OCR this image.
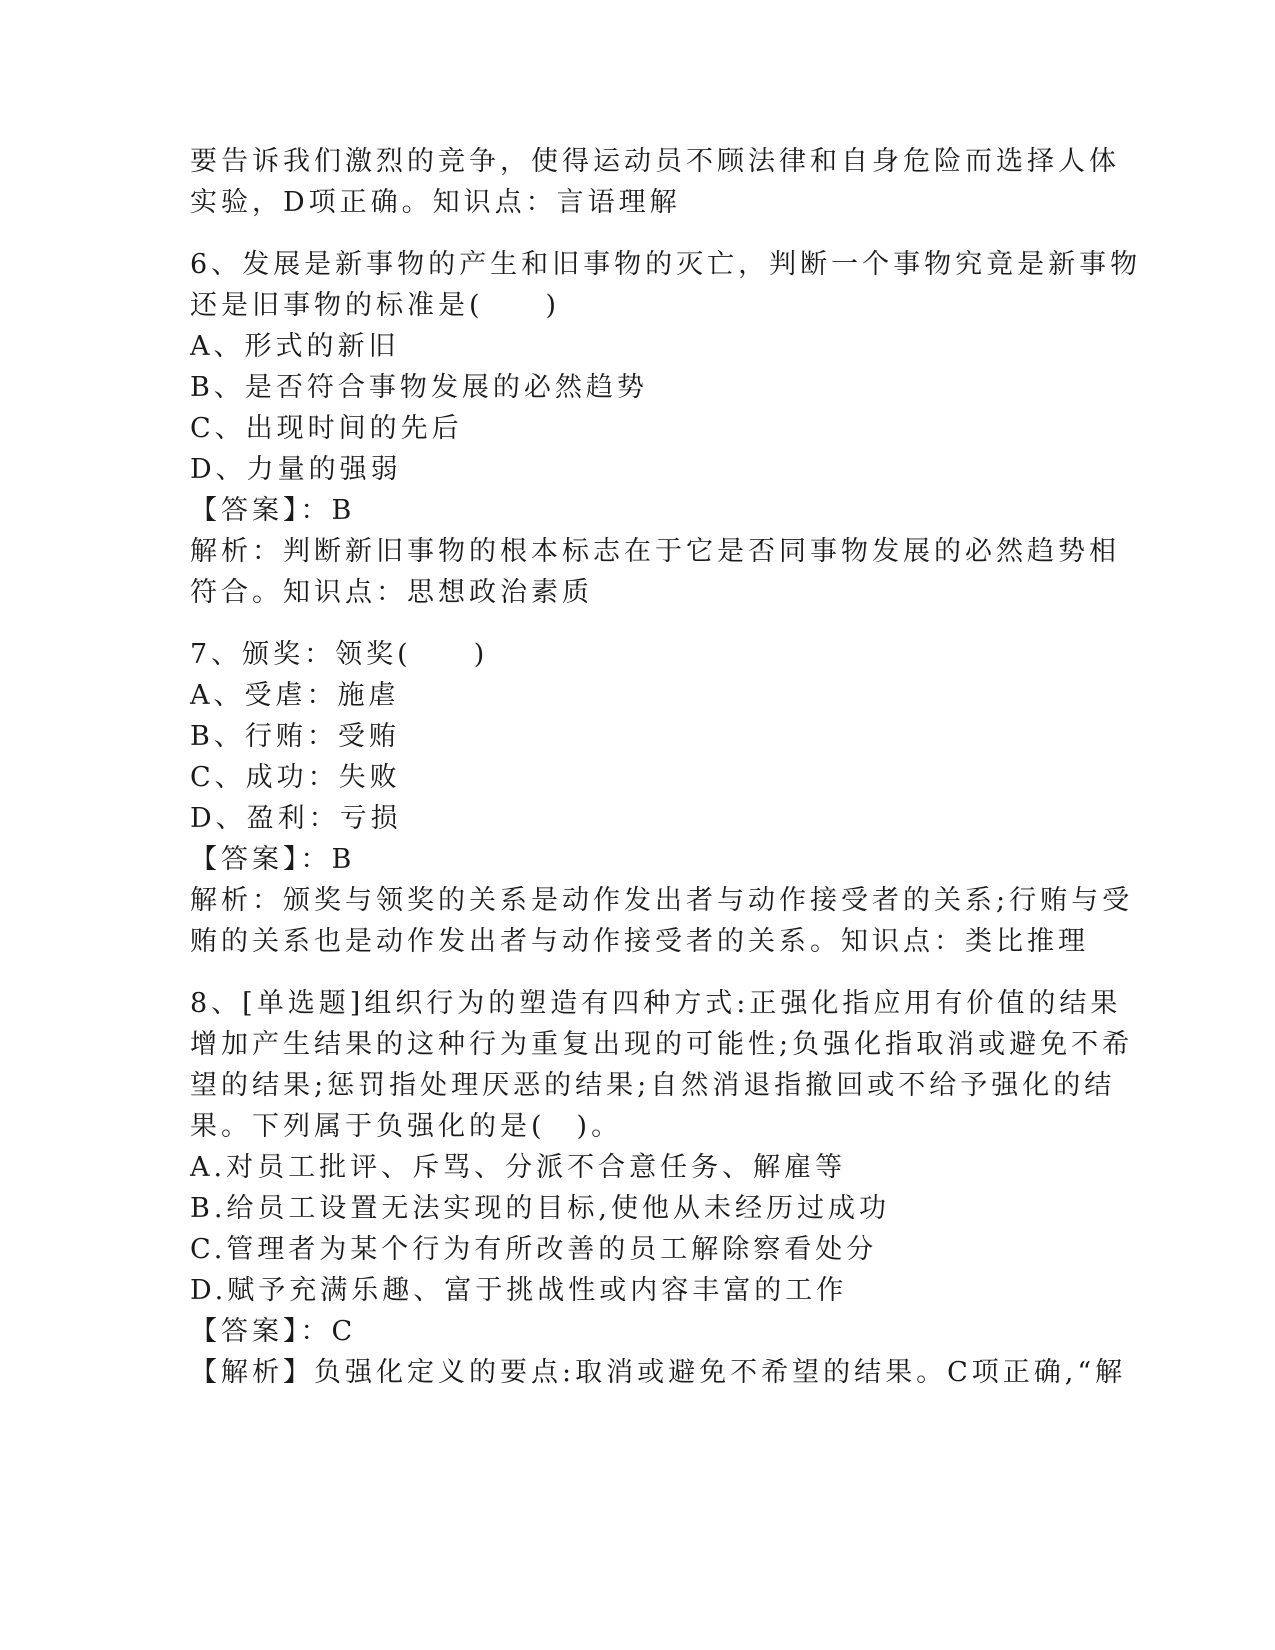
要告诉我们激烈的竞争，使得运动员不顾法律和自身危险而选择人体
实验，D项正确。知识点：言语理解
6、发展是新事物的产生和旧事物的灭亡，判断一个事物究竟是新事物
还是旧事物的标准是(　　)
A、形式的新旧
B、是否符合事物发展的必然趋势
C、出现时间的先后
D、力量的强弱
【答案】：B
解析：判断新旧事物的根本标志在于它是否同事物发展的必然趋势相
符合。知识点：思想政治素质
7、颁奖：领奖(　　)
A、受虐：施虐
B、行贿：受贿
C、成功：失败
D、盈利：亏损
【答案】：B
解析：颁奖与领奖的关系是动作发出者与动作接受者的关系;行贿与受
贿的关系也是动作发出者与动作接受者的关系。知识点：类比推理
8、[单选题]组织行为的塑造有四种方式:正强化指应用有价值的结果
增加产生结果的这种行为重复出现的可能性;负强化指取消或避免不希
望的结果;惩罚指处理厌恶的结果;自然消退指撤回或不给予强化的结
果。下列属于负强化的是(　)。
A.对员工批评、斥骂、分派不合意任务、解雇等
B.给员工设置无法实现的目标,使他从未经历过成功
C.管理者为某个行为有所改善的员工解除察看处分
D.赋予充满乐趣、富于挑战性或内容丰富的工作
【答案】：C
【解析】负强化定义的要点:取消或避免不希望的结果。C项正确,“解
